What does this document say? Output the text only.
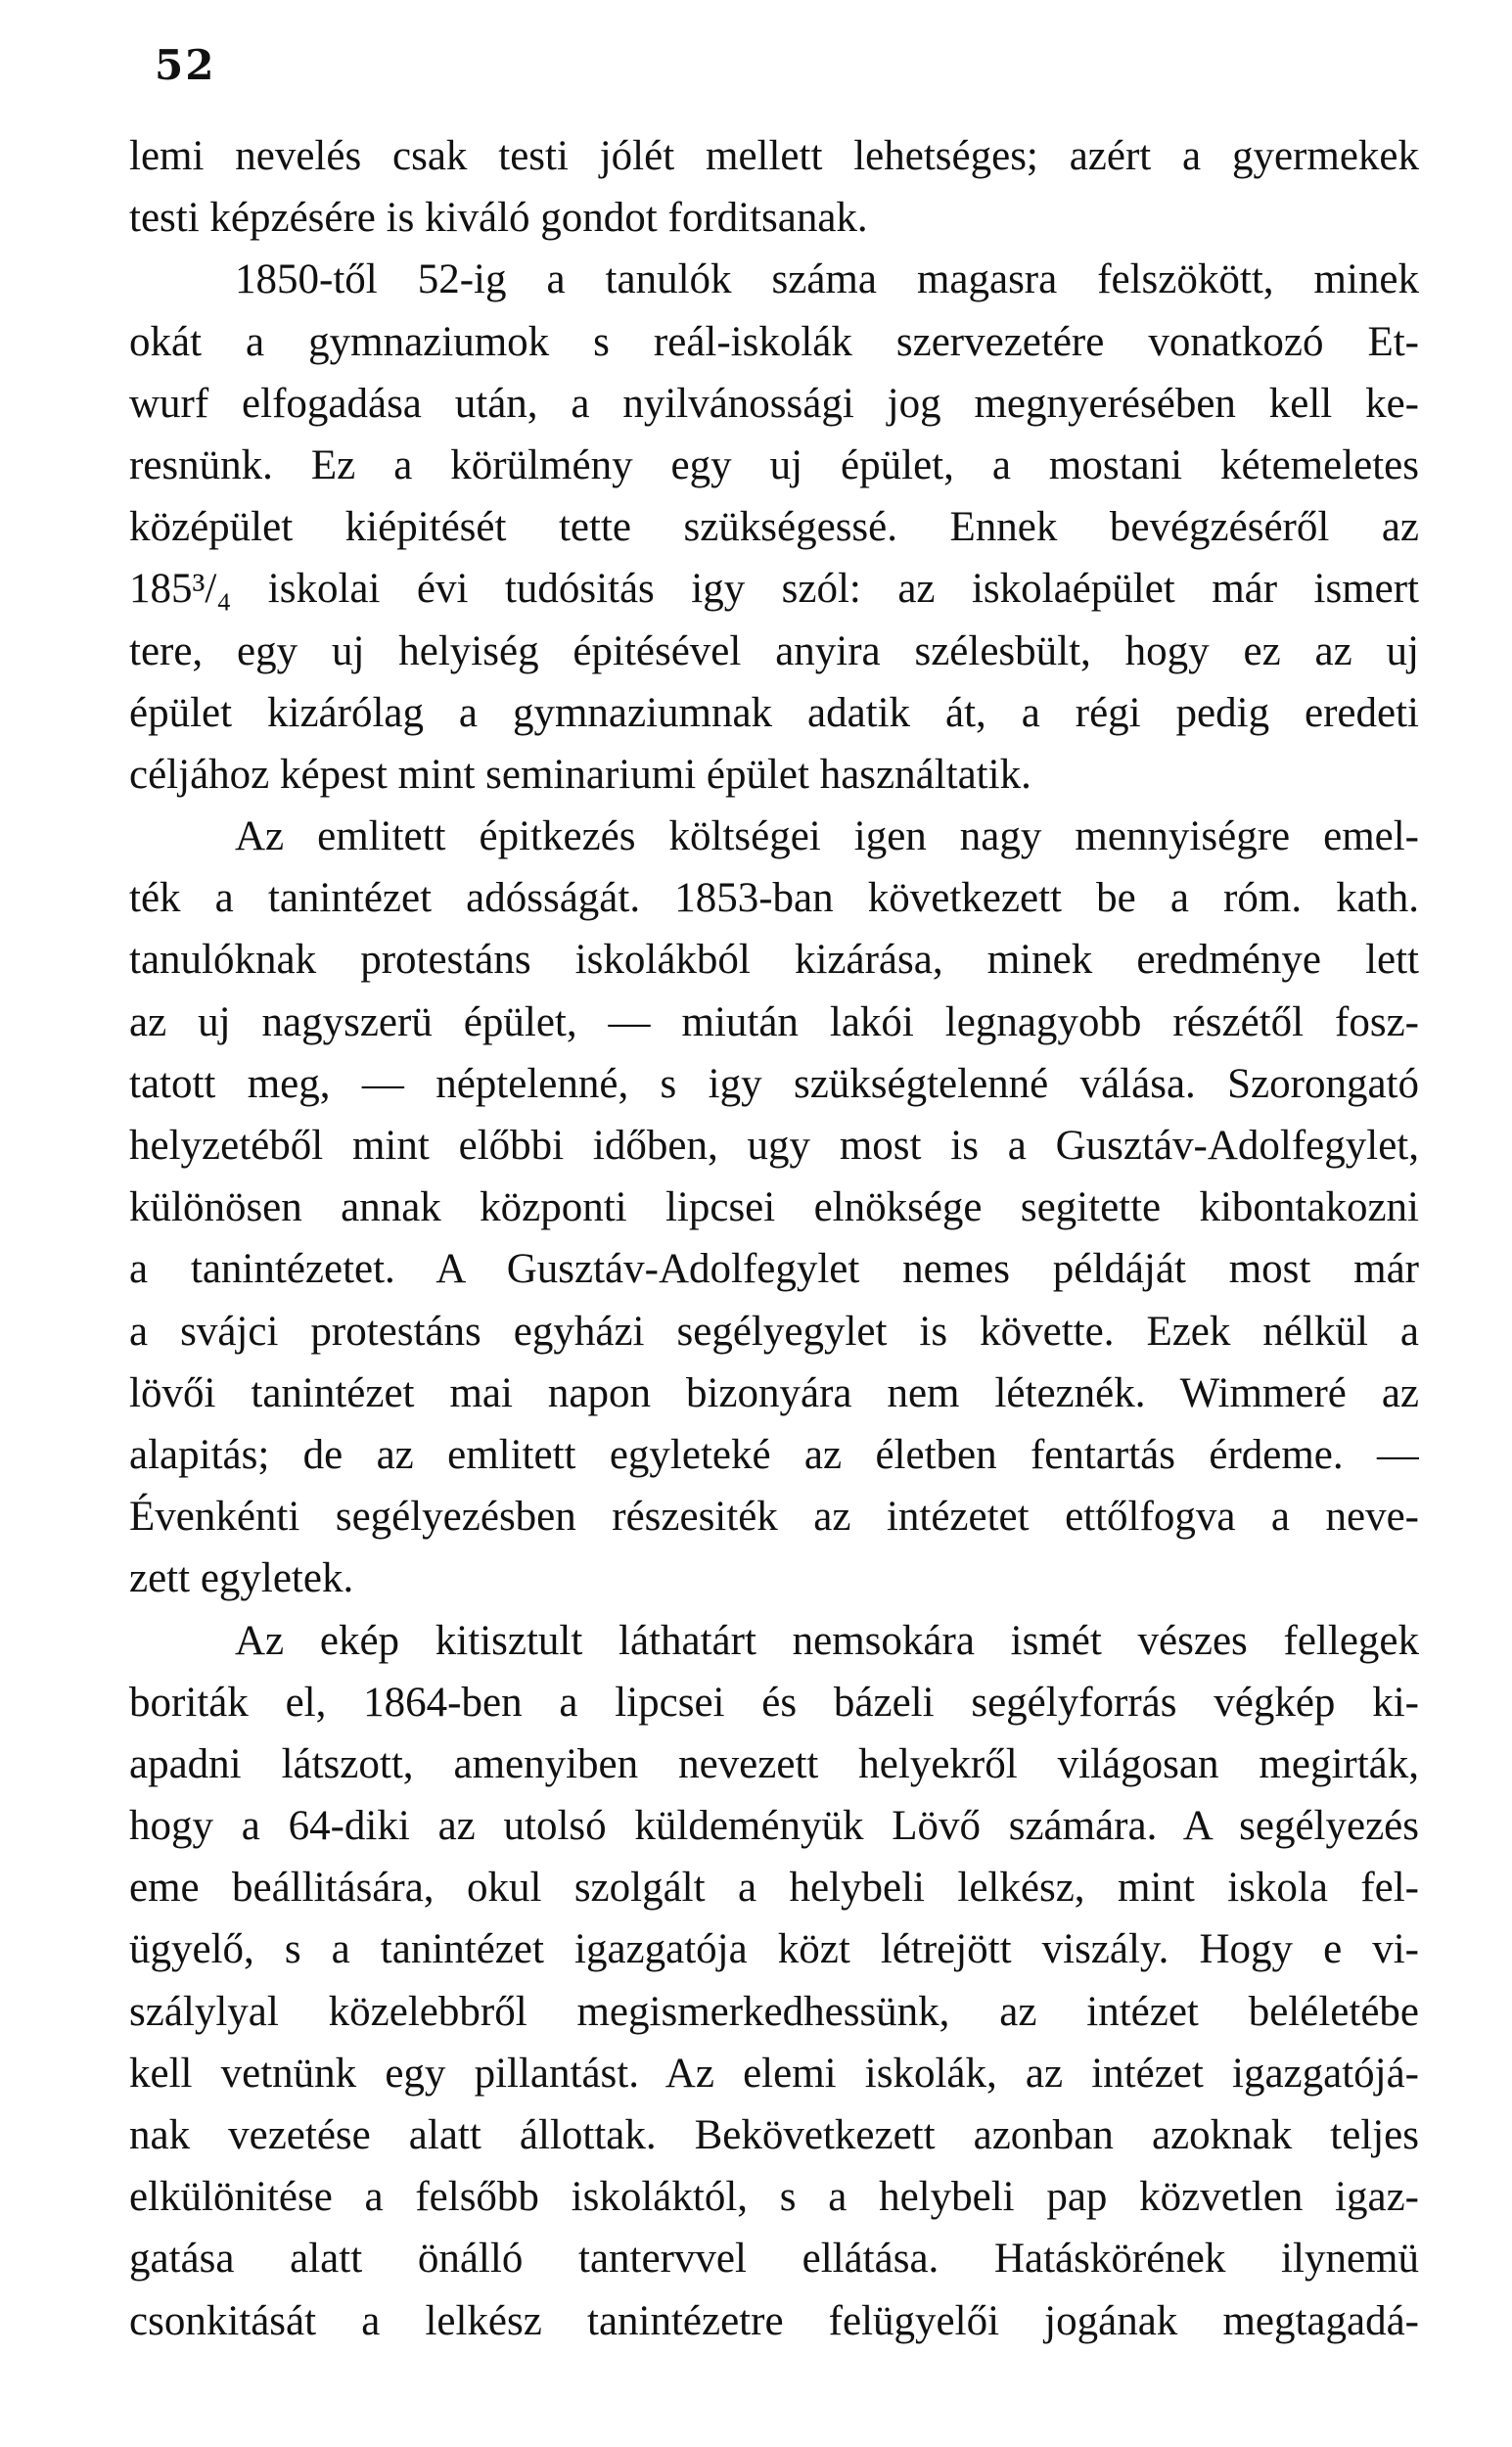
52
lemi nevelés csak testi jólét mellett lehetséges; azért a gyermekek
testi képzésére is kiváló gondot forditsanak.
1850-től 52-ig a tanulók száma magasra felszökött, minek
okát a gymnaziumok s reál-iskolák szervezetére vonatkozó Et-
wurf elfogadása után, a nyilvánossági jog megnyerésében kell ke-
resnünk. Ez a körülmény egy uj épület, a mostani kétemeletes
középület kiépitését tette szükségessé. Ennek bevégzéséről az
185³/₄ iskolai évi tudósitás igy szól: az iskolaépület már ismert
tere, egy uj helyiség épitésével anyira szélesbült, hogy ez az uj
épület kizárólag a gymnaziumnak adatik át, a régi pedig eredeti
céljához képest mint seminariumi épület használtatik.
Az emlitett épitkezés költségei igen nagy mennyiségre emel-
ték a tanintézet adósságát. 1853-ban következett be a róm. kath.
tanulóknak protestáns iskolákból kizárása, minek eredménye lett
az uj nagyszerü épület, — miután lakói legnagyobb részétől fosz-
tatott meg, — néptelenné, s igy szükségtelenné válása. Szorongató
helyzetéből mint előbbi időben, ugy most is a Gusztáv-Adolfegylet,
különösen annak központi lipcsei elnöksége segitette kibontakozni
a tanintézetet. A Gusztáv-Adolfegylet nemes példáját most már
a svájci protestáns egyházi segélyegylet is követte. Ezek nélkül a
lövői tanintézet mai napon bizonyára nem léteznék. Wimmeré az
alapitás; de az emlitett egyleteké az életben fentartás érdeme. —
Évenkénti segélyezésben részesiték az intézetet ettőlfogva a neve-
zett egyletek.
Az ekép kitisztult láthatárt nemsokára ismét vészes fellegek
boriták el, 1864-ben a lipcsei és bázeli segélyforrás végkép ki-
apadni látszott, amenyiben nevezett helyekről világosan megirták,
hogy a 64-diki az utolsó küldeményük Lövő számára. A segélyezés
eme beállitására, okul szolgált a helybeli lelkész, mint iskola fel-
ügyelő, s a tanintézet igazgatója közt létrejött viszály. Hogy e vi-
szálylyal közelebbről megismerkedhessünk, az intézet beléletébe
kell vetnünk egy pillantást. Az elemi iskolák, az intézet igazgatójá-
nak vezetése alatt állottak. Bekövetkezett azonban azoknak teljes
elkülönitése a felsőbb iskoláktól, s a helybeli pap közvetlen igaz-
gatása alatt önálló tantervvel ellátása. Hatáskörének ilynemü
csonkitását a lelkész tanintézetre felügyelői jogának megtagadá-
